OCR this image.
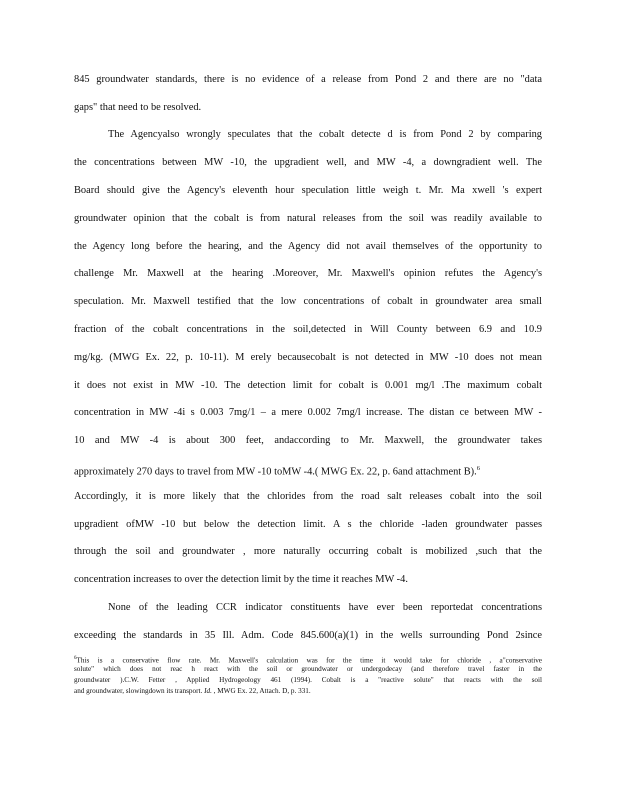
845 groundwater standards, there is no evidence of a release from Pond 2 and there are no "data
gaps" that need to be resolved.
The Agencyalso wrongly speculates that the cobalt detecte d is from Pond 2 by comparing
the concentrations between MW -10, the upgradient well, and MW -4, a downgradient well. The
Board should give the Agency's eleventh hour speculation little weigh t. Mr. Ma xwell 's expert
groundwater opinion that the cobalt is from natural releases from the soil was readily available to
the Agency long before the hearing, and the Agency did not avail themselves of the opportunity to
challenge Mr. Maxwell at the hearing .Moreover, Mr. Maxwell's opinion refutes the Agency's
speculation. Mr. Maxwell testified that the low concentrations of cobalt in groundwater area small
fraction of the cobalt concentrations in the soil,detected in Will County between 6.9 and 10.9
mg/kg. (MWG Ex. 22, p. 10-11). M erely becausecobalt is not detected in MW -10 does not mean
it does not exist in MW -10. The detection limit for cobalt is 0.001 mg/l .The maximum cobalt
concentration in MW -4i s 0.003 7mg/1 – a mere 0.002 7mg/l increase. The distan ce between MW -
10 and MW -4 is about 300 feet, andaccording to Mr. Maxwell, the groundwater takes
approximately 270 days to travel from MW -10 toMW -4.( MWG Ex. 22, p. 6and attachment B).$^6$
Accordingly, it is more likely that the chlorides from the road salt releases cobalt into the soil
upgradient ofMW -10 but below the detection limit. A s the chloride -laden groundwater passes
through the soil and groundwater , more naturally occurring cobalt is mobilized ,such that the
concentration increases to over the detection limit by the time it reaches MW -4.
None of the leading CCR indicator constituents have ever been reportedat concentrations
exceeding the standards in 35 Ill. Adm. Code 845.600(a)(1) in the wells surrounding Pond 2since
$^6$This is a conservative flow rate. Mr. Maxwell's calculation was for the time it would take for chloride , a"conservative
solute" which does not reac h react with the soil or groundwater or undergodecay (and therefore travel faster in the
groundwater ).C.W. Fetter , Applied Hydrogeology 461 (1994). Cobalt is a "reactive solute" that reacts with the soil
and groundwater, slowingdown its transport. Id. , MWG Ex. 22, Attach. D, p. 331.
